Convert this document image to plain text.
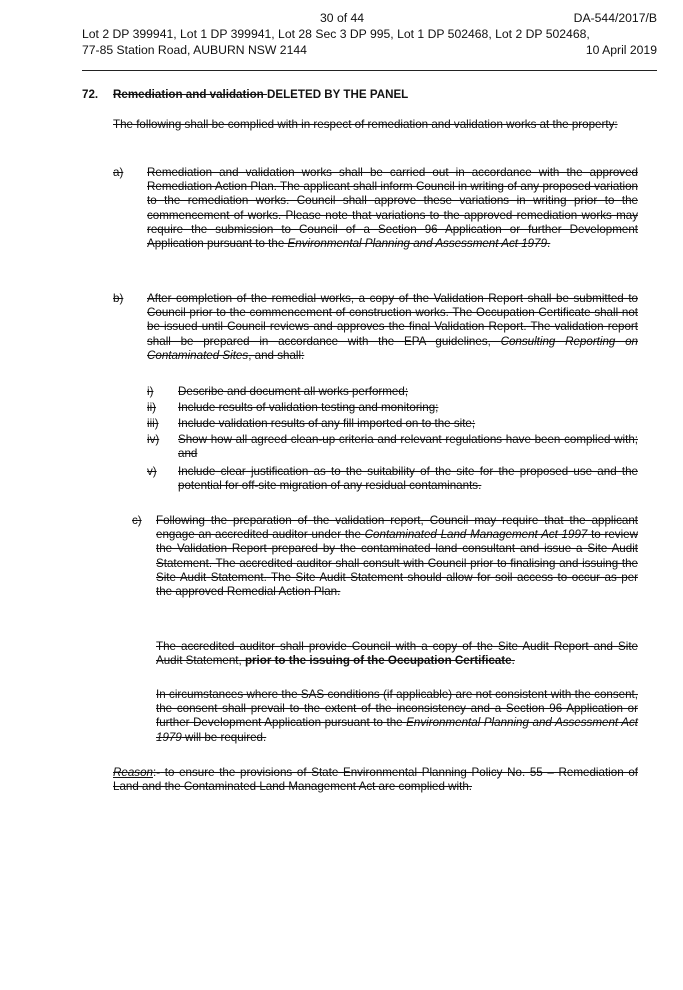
30 of 44	DA-544/2017/B
Lot 2 DP 399941, Lot 1 DP 399941, Lot 28 Sec 3 DP 995, Lot 1 DP 502468, Lot 2 DP 502468,
77-85 Station Road, AUBURN NSW 2144	10 April 2019
72. Remediation and validation DELETED BY THE PANEL
The following shall be complied with in respect of remediation and validation works at the property:
a)	Remediation and validation works shall be carried out in accordance with the approved Remediation Action Plan. The applicant shall inform Council in writing of any proposed variation to the remediation works. Council shall approve these variations in writing prior to the commencement of works. Please note that variations to the approved remediation works may require the submission to Council of a Section 96 Application or further Development Application pursuant to the Environmental Planning and Assessment Act 1979.
b)	After completion of the remedial works, a copy of the Validation Report shall be submitted to Council prior to the commencement of construction works. The Occupation Certificate shall not be issued until Council reviews and approves the final Validation Report. The validation report shall be prepared in accordance with the EPA guidelines, Consulting Reporting on Contaminated Sites, and shall:
i)	Describe and document all works performed;
ii)	Include results of validation testing and monitoring;
iii)	Include validation results of any fill imported on to the site;
iv)	Show how all agreed clean-up criteria and relevant regulations have been complied with; and
v)	Include clear justification as to the suitability of the site for the proposed use and the potential for off-site migration of any residual contaminants.
c)	Following the preparation of the validation report, Council may require that the applicant engage an accredited auditor under the Contaminated Land Management Act 1997 to review the Validation Report prepared by the contaminated land consultant and issue a Site Audit Statement. The accredited auditor shall consult with Council prior to finalising and issuing the Site Audit Statement. The Site Audit Statement should allow for soil access to occur as per the approved Remedial Action Plan.
The accredited auditor shall provide Council with a copy of the Site Audit Report and Site Audit Statement, prior to the issuing of the Occupation Certificate.
In circumstances where the SAS conditions (if applicable) are not consistent with the consent, the consent shall prevail to the extent of the inconsistency and a Section 96 Application or further Development Application pursuant to the Environmental Planning and Assessment Act 1979 will be required.
Reason:- to ensure the provisions of State Environmental Planning Policy No. 55 – Remediation of Land and the Contaminated Land Management Act are complied with.
